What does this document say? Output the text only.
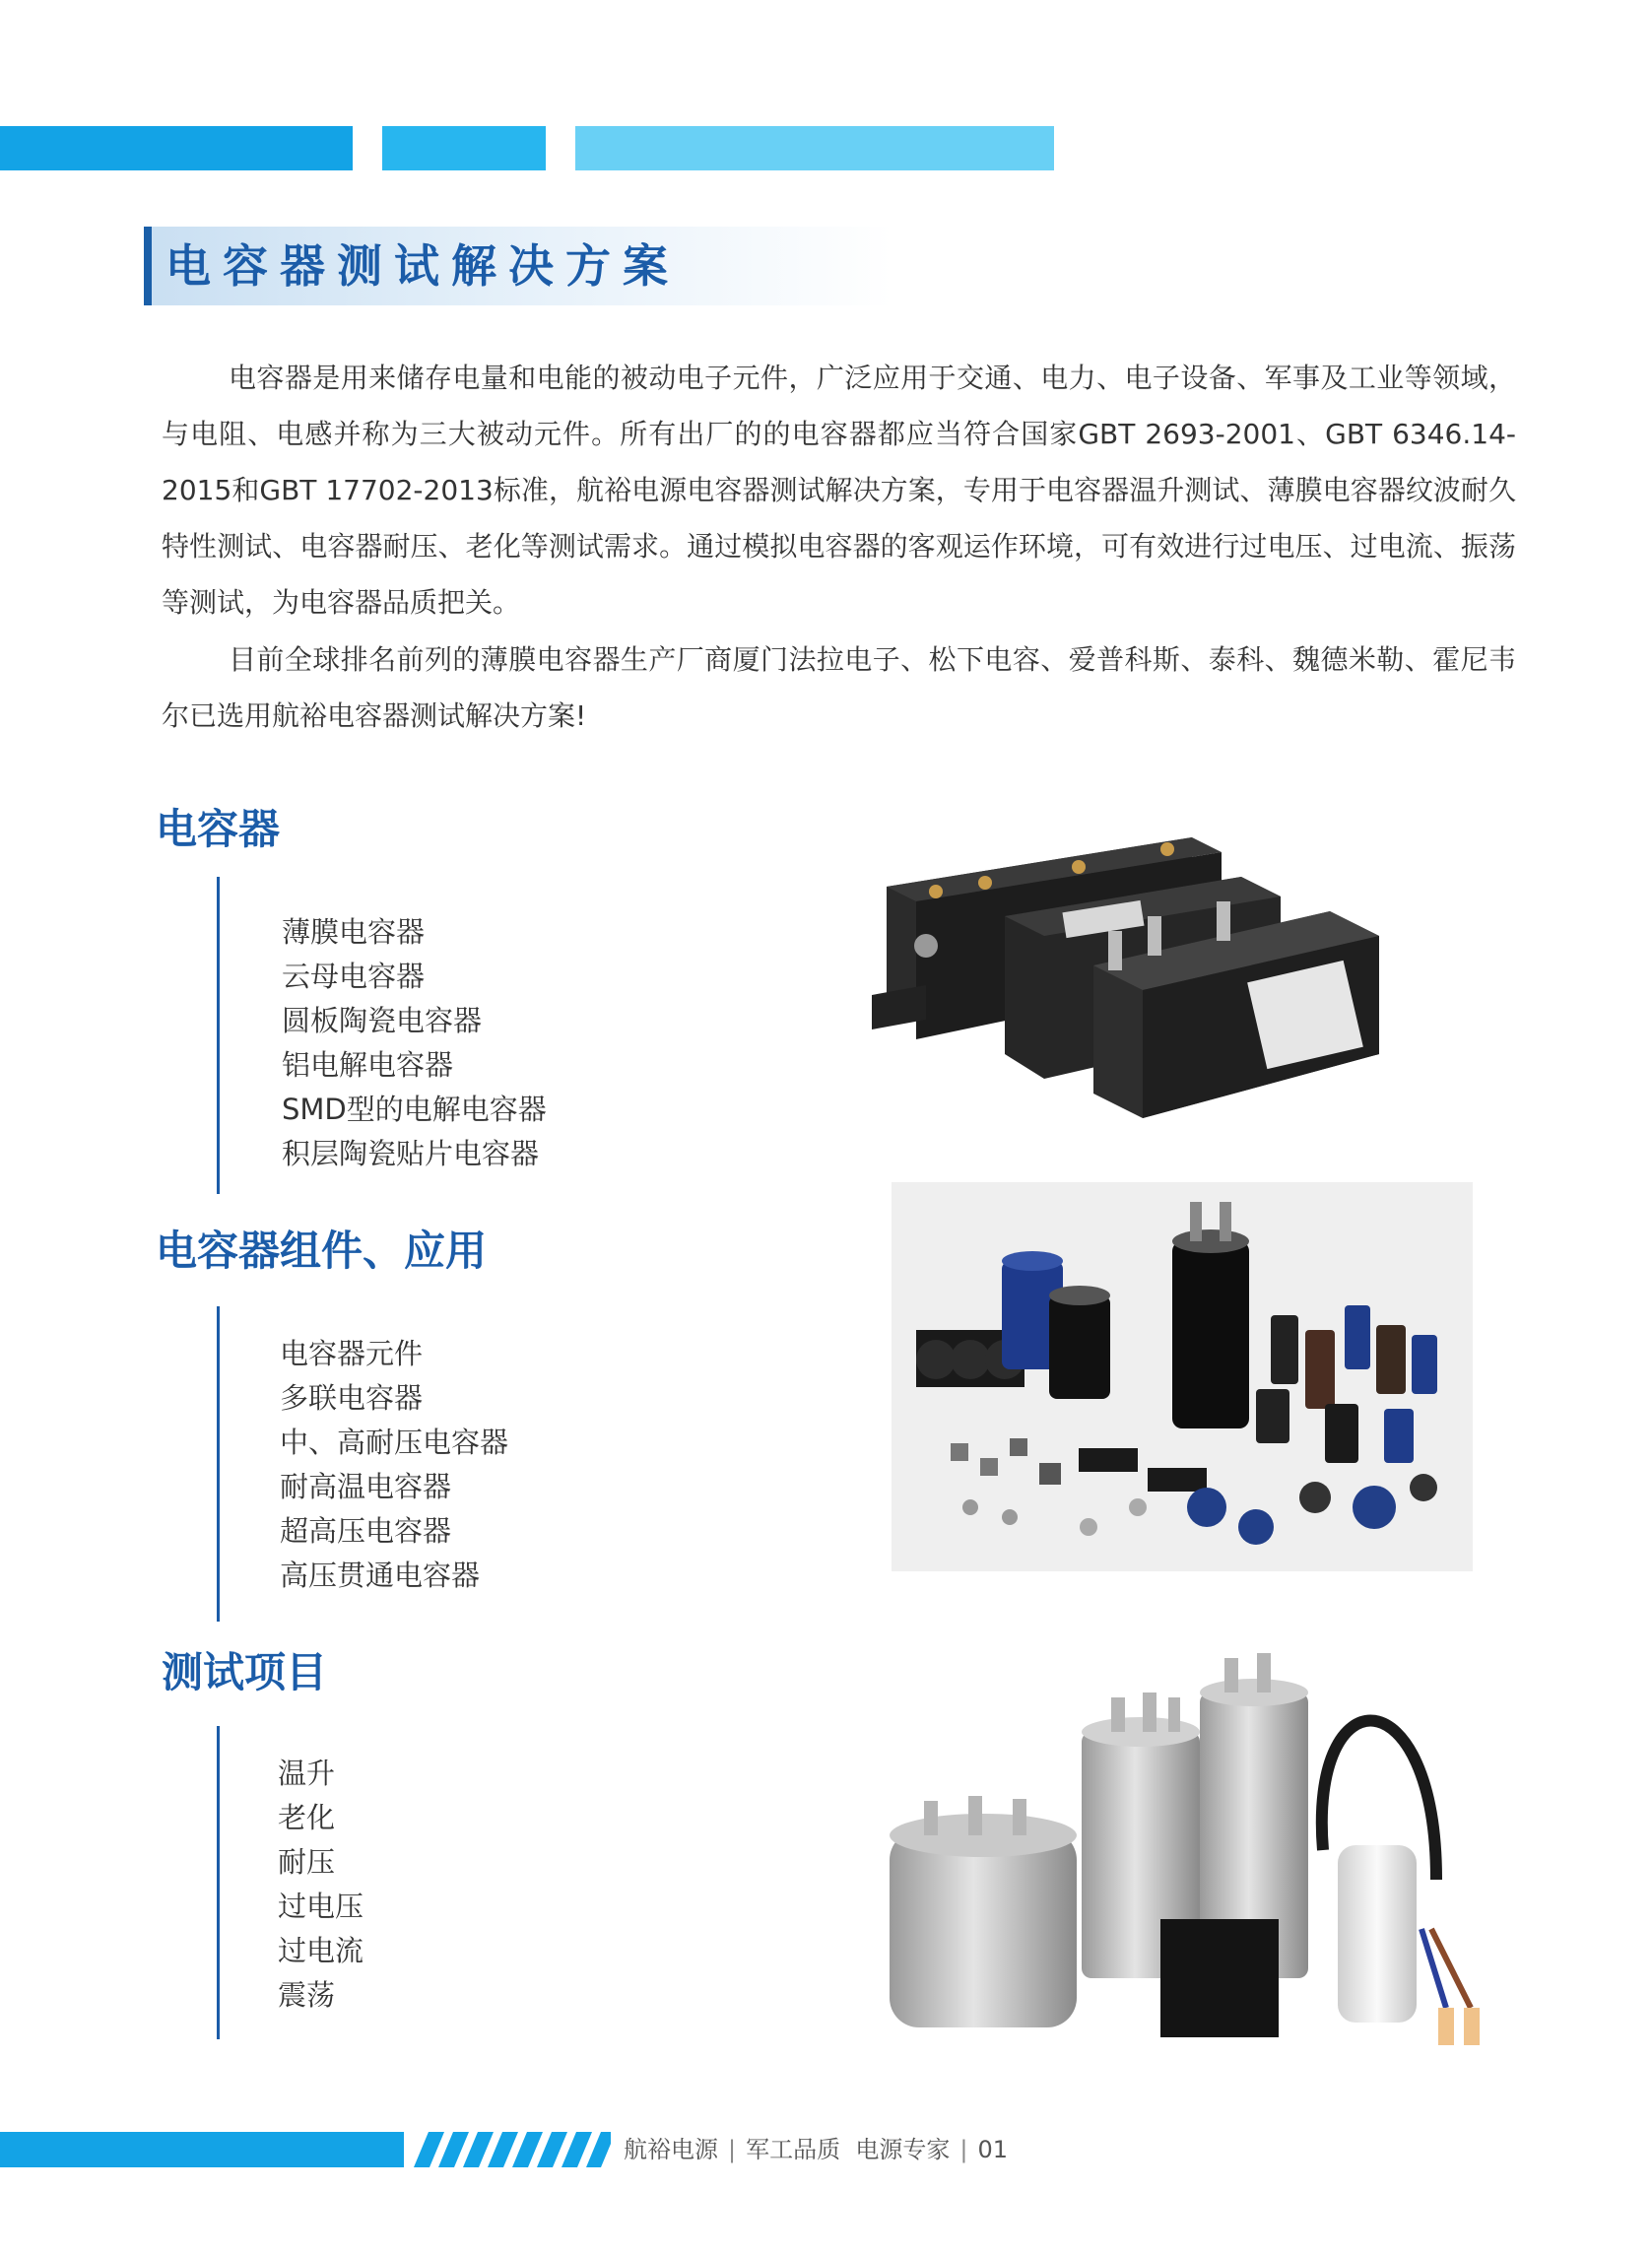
电容器测试解决方案

电容器是用来储存电量和电能的被动电子元件，广泛应用于交通、电力、电子设备、军事及工业等领域，与电阻、电感并称为三大被动元件。所有出厂的的电容器都应当符合国家GBT 2693-2001、GBT 6346.14-2015和GBT 17702-2013标准，航裕电源电容器测试解决方案，专用于电容器温升测试、薄膜电容器纹波耐久特性测试、电容器耐压、老化等测试需求。通过模拟电容器的客观运作环境，可有效进行过电压、过电流、振荡等测试，为电容器品质把关。

目前全球排名前列的薄膜电容器生产厂商厦门法拉电子、松下电容、爱普科斯、泰科、魏德米勒、霍尼韦尔已选用航裕电容器测试解决方案!

电容器
薄膜电容器
云母电容器
圆板陶瓷电容器
铝电解电容器
SMD型的电解电容器
积层陶瓷贴片电容器
电容器组件、应用
电容器元件
多联电容器
中、高耐压电容器
耐高温电容器
超高压电容器
高压贯通电容器
测试项目
温升
老化
耐压
过电压
过电流
震荡
航裕电源 | 军工品质  电源专家 | 01
